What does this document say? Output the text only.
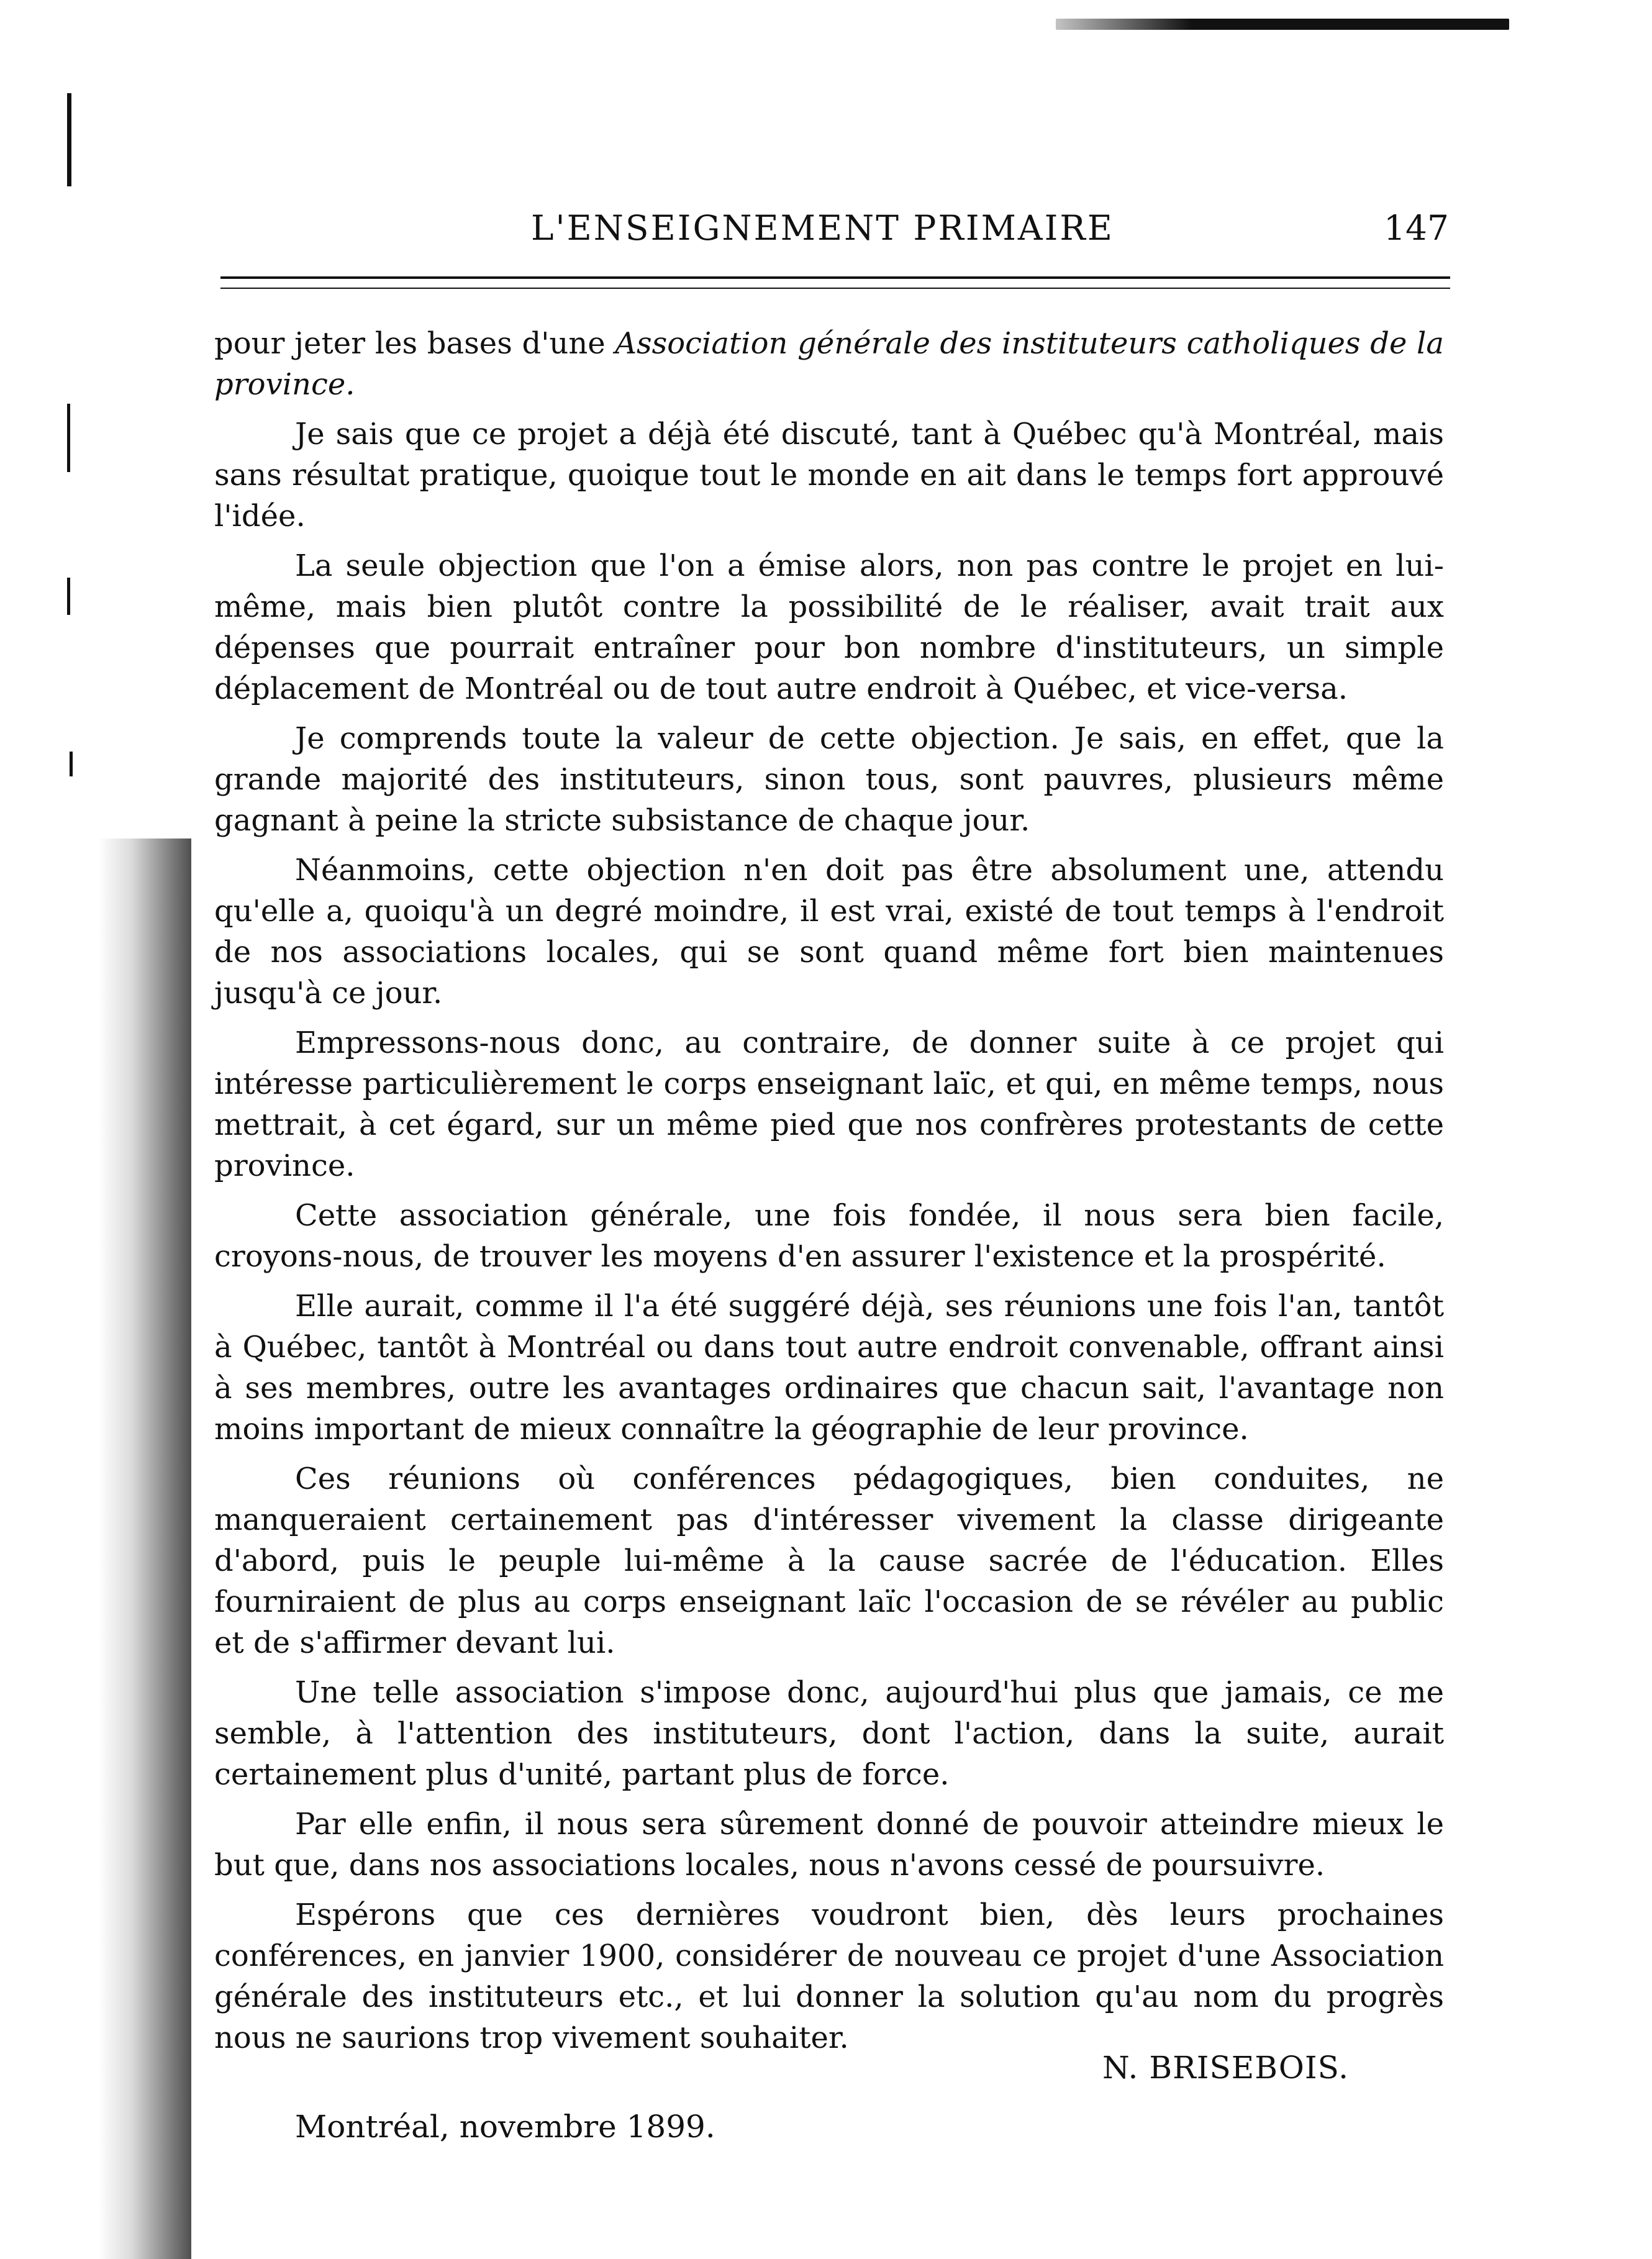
L'ENSEIGNEMENT PRIMAIRE	147

pour jeter les bases d'une Association générale des instituteurs catholiques de la province.

Je sais que ce projet a déjà été discuté, tant à Québec qu'à Montréal, mais sans résultat pratique, quoique tout le monde en ait dans le temps fort approuvé l'idée.

La seule objection que l'on a émise alors, non pas contre le projet en lui-même, mais bien plutôt contre la possibilité de le réaliser, avait trait aux dépenses que pourrait entraîner pour bon nombre d'instituteurs, un simple déplacement de Montréal ou de tout autre endroit à Québec, et vice-versa.

Je comprends toute la valeur de cette objection. Je sais, en effet, que la grande majorité des instituteurs, sinon tous, sont pauvres, plusieurs même gagnant à peine la stricte subsistance de chaque jour.

Néanmoins, cette objection n'en doit pas être absolument une, attendu qu'elle a, quoiqu'à un degré moindre, il est vrai, existé de tout temps à l'endroit de nos associations locales, qui se sont quand même fort bien maintenues jusqu'à ce jour.

Empressons-nous donc, au contraire, de donner suite à ce projet qui intéresse particulièrement le corps enseignant laïc, et qui, en même temps, nous mettrait, à cet égard, sur un même pied que nos confrères protestants de cette province.

Cette association générale, une fois fondée, il nous sera bien facile, croyons-nous, de trouver les moyens d'en assurer l'existence et la prospérité.

Elle aurait, comme il l'a été suggéré déjà, ses réunions une fois l'an, tantôt à Québec, tantôt à Montréal ou dans tout autre endroit convenable, offrant ainsi à ses membres, outre les avantages ordinaires que chacun sait, l'avantage non moins important de mieux connaître la géographie de leur province.

Ces réunions où conférences pédagogiques, bien conduites, ne manqueraient certainement pas d'intéresser vivement la classe dirigeante d'abord, puis le peuple lui-même à la cause sacrée de l'éducation. Elles fourniraient de plus au corps enseignant laïc l'occasion de se révéler au public et de s'affirmer devant lui.

Une telle association s'impose donc, aujourd'hui plus que jamais, ce me semble, à l'attention des instituteurs, dont l'action, dans la suite, aurait certainement plus d'unité, partant plus de force.

Par elle enfin, il nous sera sûrement donné de pouvoir atteindre mieux le but que, dans nos associations locales, nous n'avons cessé de poursuivre.

Espérons que ces dernières voudront bien, dès leurs prochaines conférences, en janvier 1900, considérer de nouveau ce projet d'une Association générale des instituteurs etc., et lui donner la solution qu'au nom du progrès nous ne saurions trop vivement souhaiter.

N. BRISEBOIS.
Montréal, novembre 1899.
